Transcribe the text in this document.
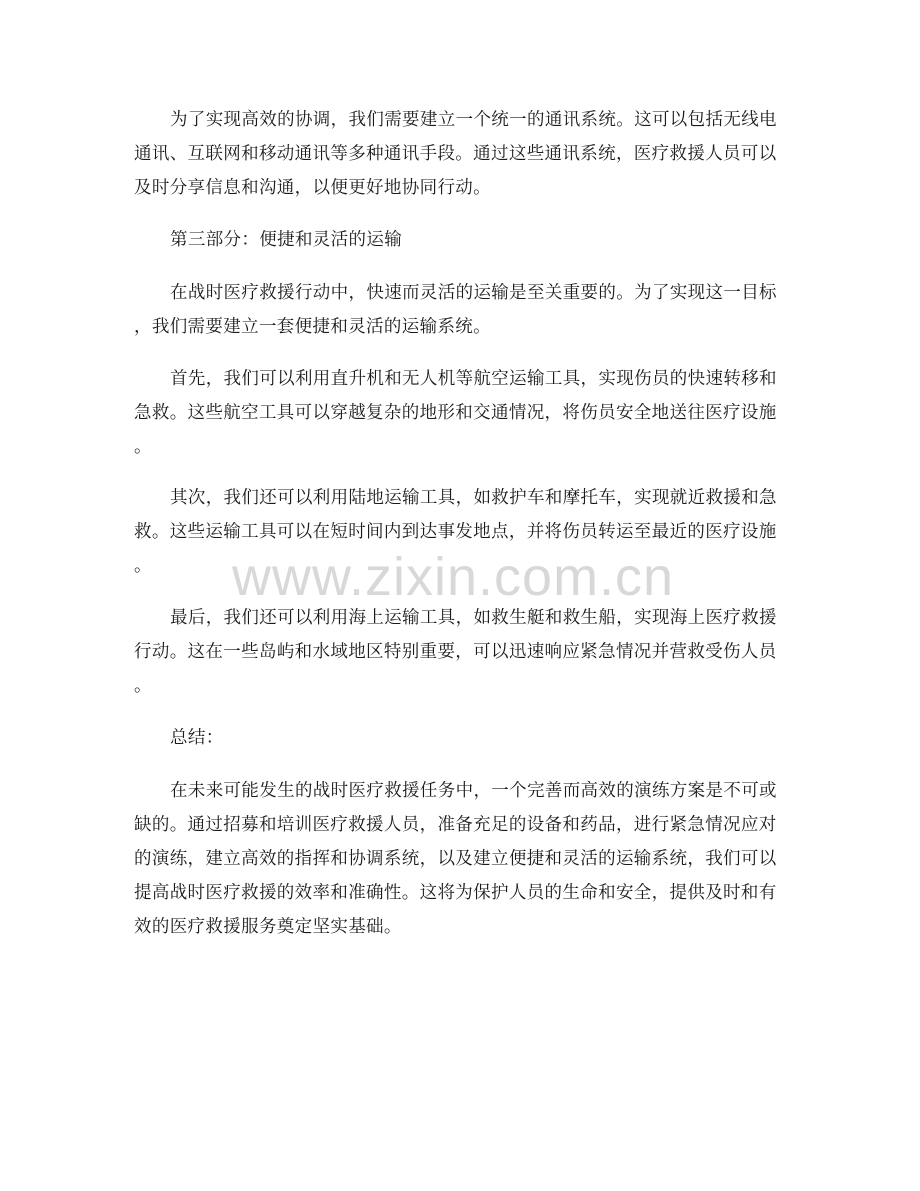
为了实现高效的协调，我们需要建立一个统一的通讯系统。这可以包括无线电

通讯、互联网和移动通讯等多种通讯手段。通过这些通讯系统，医疗救援人员可以

及时分享信息和沟通，以便更好地协同行动。

第三部分：便捷和灵活的运输

在战时医疗救援行动中，快速而灵活的运输是至关重要的。为了实现这一目标

，我们需要建立一套便捷和灵活的运输系统。

首先，我们可以利用直升机和无人机等航空运输工具，实现伤员的快速转移和

急救。这些航空工具可以穿越复杂的地形和交通情况，将伤员安全地送往医疗设施

。

其次，我们还可以利用陆地运输工具，如救护车和摩托车，实现就近救援和急

救。这些运输工具可以在短时间内到达事发地点，并将伤员转运至最近的医疗设施

。 www.zixin.com.cn

最后，我们还可以利用海上运输工具，如救生艇和救生船，实现海上医疗救援

行动。这在一些岛屿和水域地区特别重要，可以迅速响应紧急情况并营救受伤人员

。

总结：

在未来可能发生的战时医疗救援任务中，一个完善而高效的演练方案是不可或

缺的。通过招募和培训医疗救援人员，准备充足的设备和药品，进行紧急情况应对

的演练，建立高效的指挥和协调系统，以及建立便捷和灵活的运输系统，我们可以

提高战时医疗救援的效率和准确性。这将为保护人员的生命和安全，提供及时和有

效的医疗救援服务奠定坚实基础。
